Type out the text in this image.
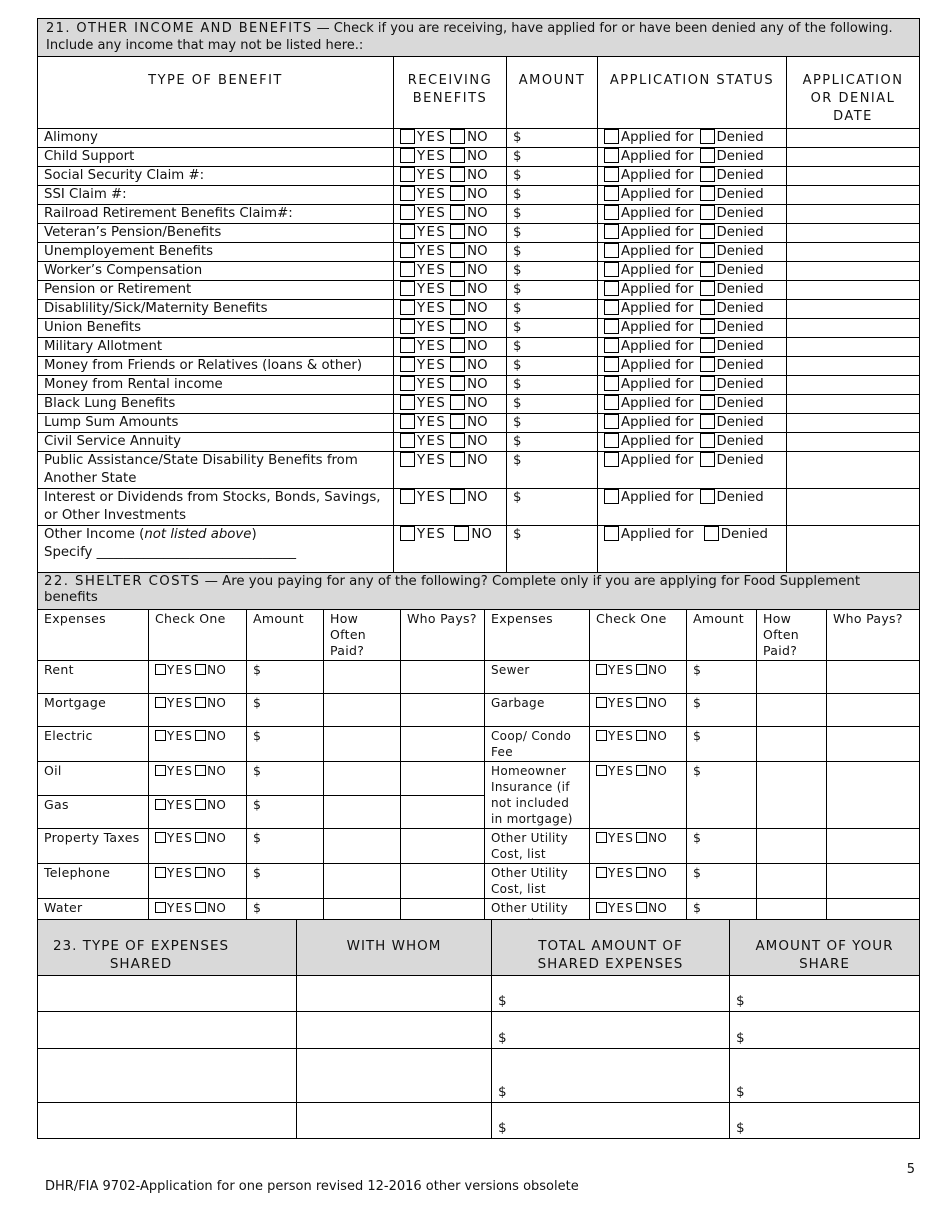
21. OTHER INCOME AND BENEFITS — Check if you are receiving, have applied for or have been denied any of the following. Include any income that may not be listed here.:				
TYPE OF BENEFIT	RECEIVING BENEFITS	AMOUNT	APPLICATION STATUS	APPLICATION OR DENIAL DATE
Alimony	YES NO	$	Applied for Denied	
Child Support	YES NO	$	Applied for Denied	
Social Security Claim #:	YES NO	$	Applied for Denied	
SSI Claim #:	YES NO	$	Applied for Denied	
Railroad Retirement Benefits Claim#:	YES NO	$	Applied for Denied	
Veteran’s Pension/Benefits	YES NO	$	Applied for Denied	
Unemployement Benefits	YES NO	$	Applied for Denied	
Worker’s Compensation	YES NO	$	Applied for Denied	
Pension or Retirement	YES NO	$	Applied for Denied	
Disablility/Sick/Maternity Benefits	YES NO	$	Applied for Denied	
Union Benefits	YES NO	$	Applied for Denied	
Military Allotment	YES NO	$	Applied for Denied	
Money from Friends or Relatives (loans & other)	YES NO	$	Applied for Denied	
Money from Rental income	YES NO	$	Applied for Denied	
Black Lung Benefits	YES NO	$	Applied for Denied	
Lump Sum Amounts	YES NO	$	Applied for Denied	
Civil Service Annuity	YES NO	$	Applied for Denied	
Public Assistance/State Disability Benefits from Another State	YES NO	$	Applied for Denied	
Interest or Dividends from Stocks, Bonds, Savings, or Other Investments	YES NO	$	Applied for Denied	
Other Income (not listed above)
Specify ______________________________	YES NO	$	Applied for Denied	
22. SHELTER COSTS — Are you paying for any of the following? Complete only if you are applying for Food Supplement benefits									
Expenses	Check One	Amount	How Often Paid?	Who Pays?	Expenses	Check One	Amount	How Often Paid?	Who Pays?
Rent	YES NO	$			Sewer	YES NO	$		
Mortgage	YES NO	$			Garbage	YES NO	$		
Electric	YES NO	$			Coop/ Condo Fee	YES NO	$		
Oil	YES NO	$			Homeowner Insurance (if not included in mortgage)	YES NO	$		
Gas	YES NO	$							
Property Taxes	YES NO	$			Other Utility Cost, list	YES NO	$		
Telephone	YES NO	$			Other Utility Cost, list	YES NO	$		
Water	YES NO	$			Other Utility	YES NO	$		
23. TYPE OF EXPENSES SHARED	WITH WHOM	TOTAL AMOUNT OF SHARED EXPENSES	AMOUNT OF YOUR SHARE
		$	$
		$	$
		$	$
		$	$
5
DHR/FIA 9702-Application for one person revised 12-2016 other versions obsolete
